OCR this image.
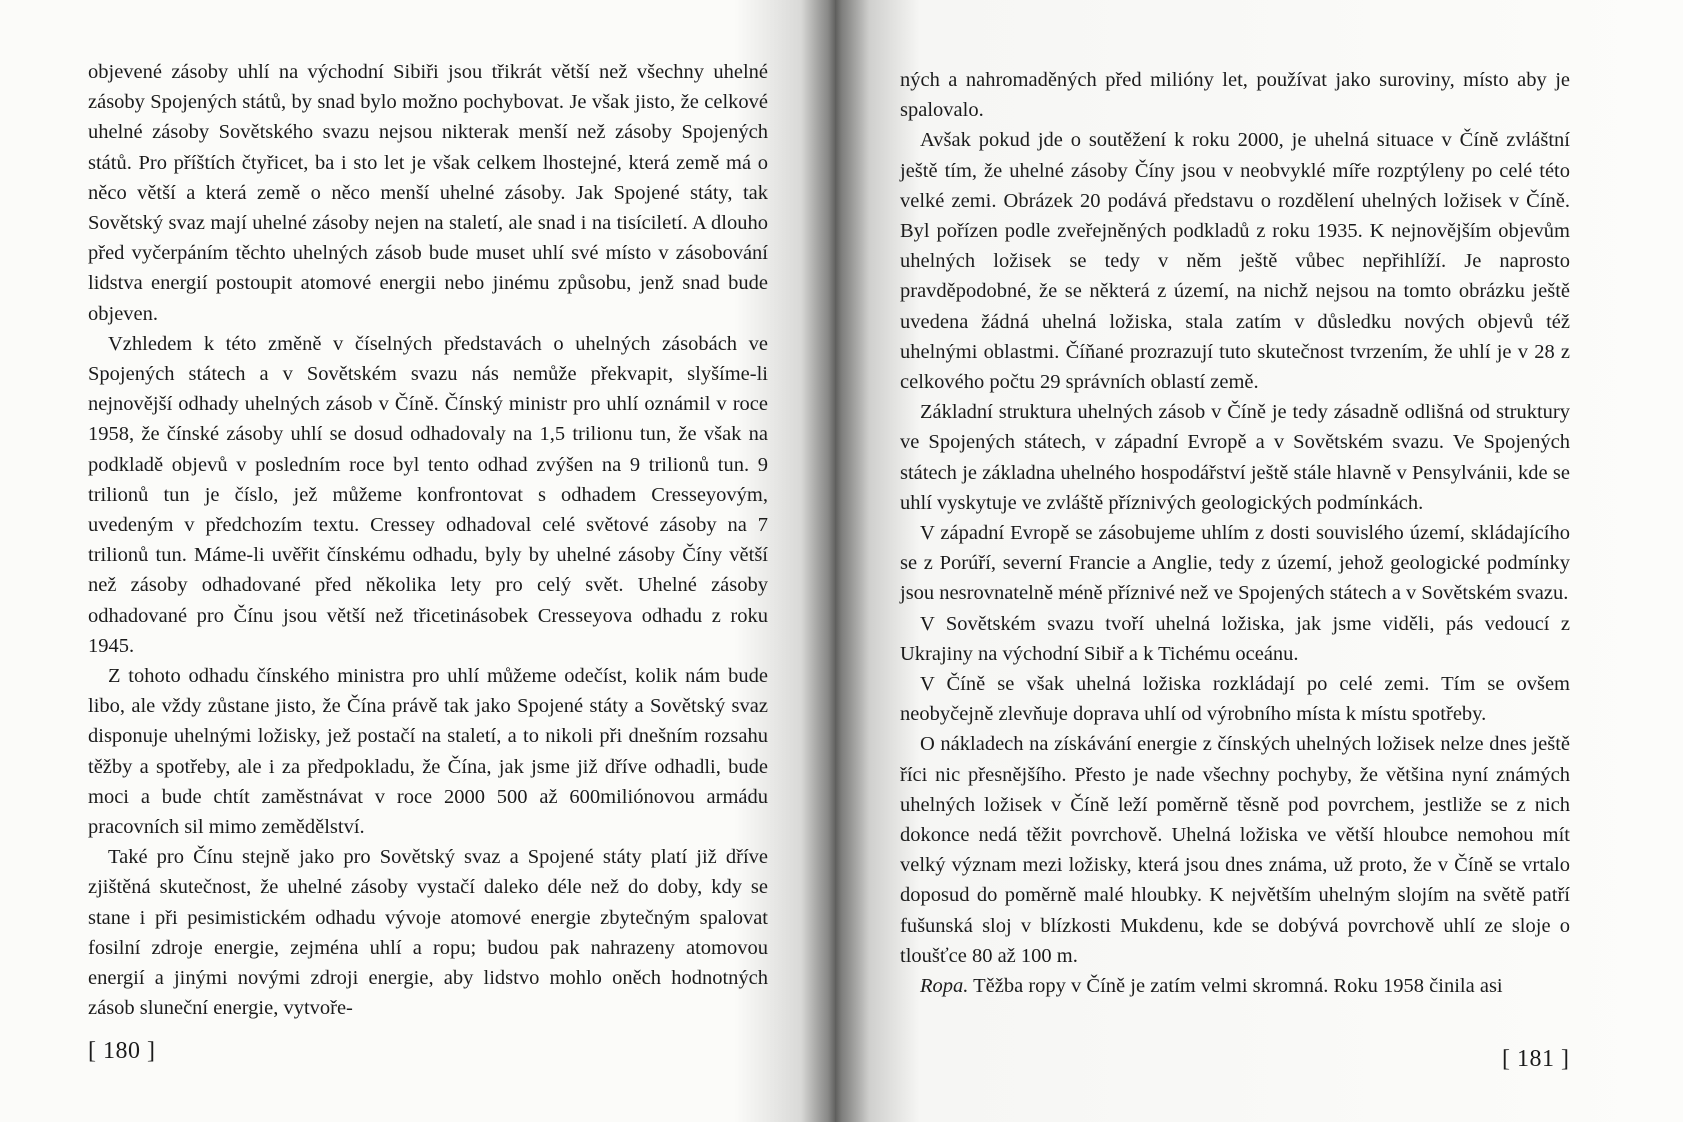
objevené zásoby uhlí na východní Sibiři jsou třikrát větší než všechny uhelné zásoby Spojených států, by snad bylo možno pochybovat. Je však jisto, že celkové uhelné zásoby Sovětského svazu nejsou nikterak menší než zásoby Spojených států. Pro příštích čtyřicet, ba i sto let je však celkem lhostejné, která země má o něco větší a která země o něco menší uhelné zásoby. Jak Spojené státy, tak Sovětský svaz mají uhelné zásoby nejen na staletí, ale snad i na tisíciletí. A dlouho před vyčerpáním těchto uhelných zásob bude muset uhlí své místo v zásobování lidstva energií postoupit atomové energii nebo jinému způsobu, jenž snad bude objeven.

Vzhledem k této změně v číselných představách o uhelných zásobách ve Spojených státech a v Sovětském svazu nás nemůže překvapit, slyšíme-li nejnovější odhady uhelných zásob v Číně. Čínský ministr pro uhlí oznámil v roce 1958, že čínské zásoby uhlí se dosud odhadovaly na 1,5 trilionu tun, že však na podkladě objevů v posledním roce byl tento odhad zvýšen na 9 trilionů tun. 9 trilionů tun je číslo, jež můžeme konfrontovat s odhadem Cresseyovým, uvedeným v předchozím textu. Cressey odhadoval celé světové zásoby na 7 trilionů tun. Máme-li uvěřit čínskému odhadu, byly by uhelné zásoby Číny větší než zásoby odhadované před několika lety pro celý svět. Uhelné zásoby odhadované pro Čínu jsou větší než třicetinásobek Cresseyova odhadu z roku 1945.

Z tohoto odhadu čínského ministra pro uhlí můžeme odečíst, kolik nám bude libo, ale vždy zůstane jisto, že Čína právě tak jako Spojené státy a Sovětský svaz disponuje uhelnými ložisky, jež postačí na staletí, a to nikoli při dnešním rozsahu těžby a spotřeby, ale i za předpokladu, že Čína, jak jsme již dříve odhadli, bude moci a bude chtít zaměstnávat v roce 2000 500 až 600miliónovou armádu pracovních sil mimo zemědělství.

Také pro Čínu stejně jako pro Sovětský svaz a Spojené státy platí již dříve zjištěná skutečnost, že uhelné zásoby vystačí daleko déle než do doby, kdy se stane i při pesimistickém odhadu vývoje atomové energie zbytečným spalovat fosilní zdroje energie, zejména uhlí a ropu; budou pak nahrazeny atomovou energií a jinými novými zdroji energie, aby lidstvo mohlo oněch hodnotných zásob sluneční energie, vytvoře-

[ 180 ]

ných a nahromaděných před milióny let, používat jako suroviny, místo aby je spalovalo.

Avšak pokud jde o soutěžení k roku 2000, je uhelná situace v Číně zvláštní ještě tím, že uhelné zásoby Číny jsou v neobvyklé míře rozptýleny po celé této velké zemi. Obrázek 20 podává představu o rozdělení uhelných ložisek v Číně. Byl pořízen podle zveřejněných podkladů z roku 1935. K nejnovějším objevům uhelných ložisek se tedy v něm ještě vůbec nepřihlíží. Je naprosto pravděpodobné, že se některá z území, na nichž nejsou na tomto obrázku ještě uvedena žádná uhelná ložiska, stala zatím v důsledku nových objevů též uhelnými oblastmi. Číňané prozrazují tuto skutečnost tvrzením, že uhlí je v 28 z celkového počtu 29 správních oblastí země.

Základní struktura uhelných zásob v Číně je tedy zásadně odlišná od struktury ve Spojených státech, v západní Evropě a v Sovětském svazu. Ve Spojených státech je základna uhelného hospodářství ještě stále hlavně v Pensylvánii, kde se uhlí vyskytuje ve zvláště příznivých geologických podmínkách.

V západní Evropě se zásobujeme uhlím z dosti souvislého území, skládajícího se z Porúří, severní Francie a Anglie, tedy z území, jehož geologické podmínky jsou nesrovnatelně méně příznivé než ve Spojených státech a v Sovětském svazu.

V Sovětském svazu tvoří uhelná ložiska, jak jsme viděli, pás vedoucí z Ukrajiny na východní Sibiř a k Tichému oceánu.

V Číně se však uhelná ložiska rozkládají po celé zemi. Tím se ovšem neobyčejně zlevňuje doprava uhlí od výrobního místa k místu spotřeby.

O nákladech na získávání energie z čínských uhelných ložisek nelze dnes ještě říci nic přesnějšího. Přesto je nade všechny pochyby, že většina nyní známých uhelných ložisek v Číně leží poměrně těsně pod povrchem, jestliže se z nich dokonce nedá těžit povrchově. Uhelná ložiska ve větší hloubce nemohou mít velký význam mezi ložisky, která jsou dnes známa, už proto, že v Číně se vrtalo doposud do poměrně malé hloubky. K největším uhelným slojím na světě patří fušunská sloj v blízkosti Mukdenu, kde se dobývá povrchově uhlí ze sloje o tloušťce 80 až 100 m.

Ropa. Těžba ropy v Číně je zatím velmi skromná. Roku 1958 činila asi

[ 181 ]
